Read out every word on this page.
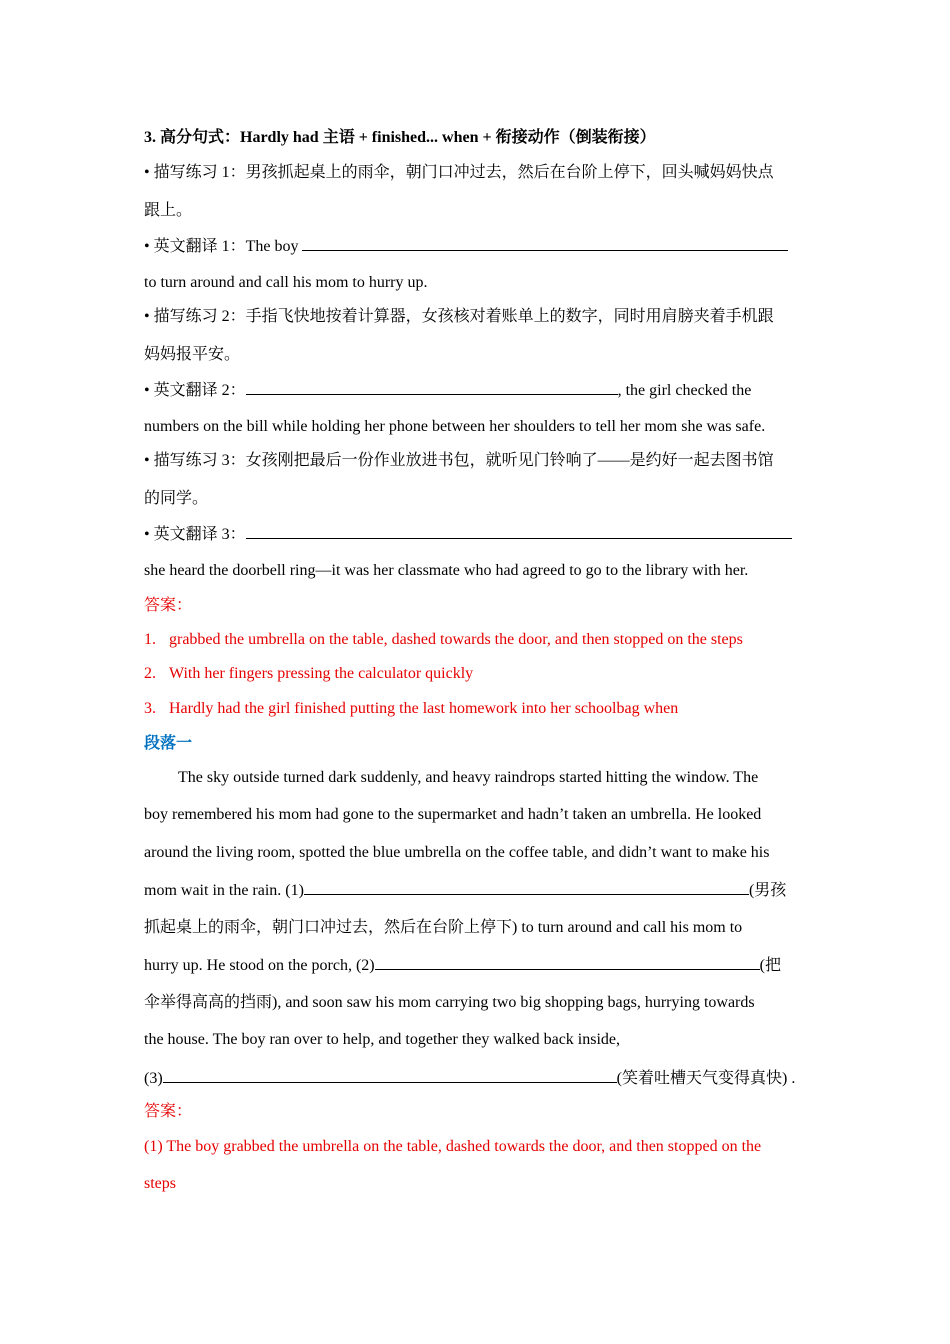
3. 高分句式：Hardly had 主语 + finished... when + 衔接动作（倒装衔接）
• 描写练习 1：男孩抓起桌上的雨伞，朝门口冲过去，然后在台阶上停下，回头喊妈妈快点
跟上。
• 英文翻译 1：The boy
to turn around and call his mom to hurry up.
• 描写练习 2：手指飞快地按着计算器，女孩核对着账单上的数字，同时用肩膀夹着手机跟
妈妈报平安。
• 英文翻译 2：	, the girl checked the
numbers on the bill while holding her phone between her shoulders to tell her mom she was safe.
• 描写练习 3：女孩刚把最后一份作业放进书包，就听见门铃响了——是约好一起去图书馆
的同学。
• 英文翻译 3：
she heard the doorbell ring—it was her classmate who had agreed to go to the library with her.
答案：
1. grabbed the umbrella on the table, dashed towards the door, and then stopped on the steps
2. With her fingers pressing the calculator quickly
3. Hardly had the girl finished putting the last homework into her schoolbag when
段落一
The sky outside turned dark suddenly, and heavy raindrops started hitting the window. The
boy remembered his mom had gone to the supermarket and hadn’t taken an umbrella. He looked
around the living room, spotted the blue umbrella on the coffee table, and didn’t want to make his
mom wait in the rain. (1)	(男孩
抓起桌上的雨伞，朝门口冲过去，然后在台阶上停下) to turn around and call his mom to
hurry up. He stood on the porch, (2)	(把
伞举得高高的挡雨), and soon saw his mom carrying two big shopping bags, hurrying towards
the house. The boy ran over to help, and together they walked back inside,
(3)	(笑着吐槽天气变得真快) .
答案：
(1) The boy grabbed the umbrella on the table, dashed towards the door, and then stopped on the
steps
